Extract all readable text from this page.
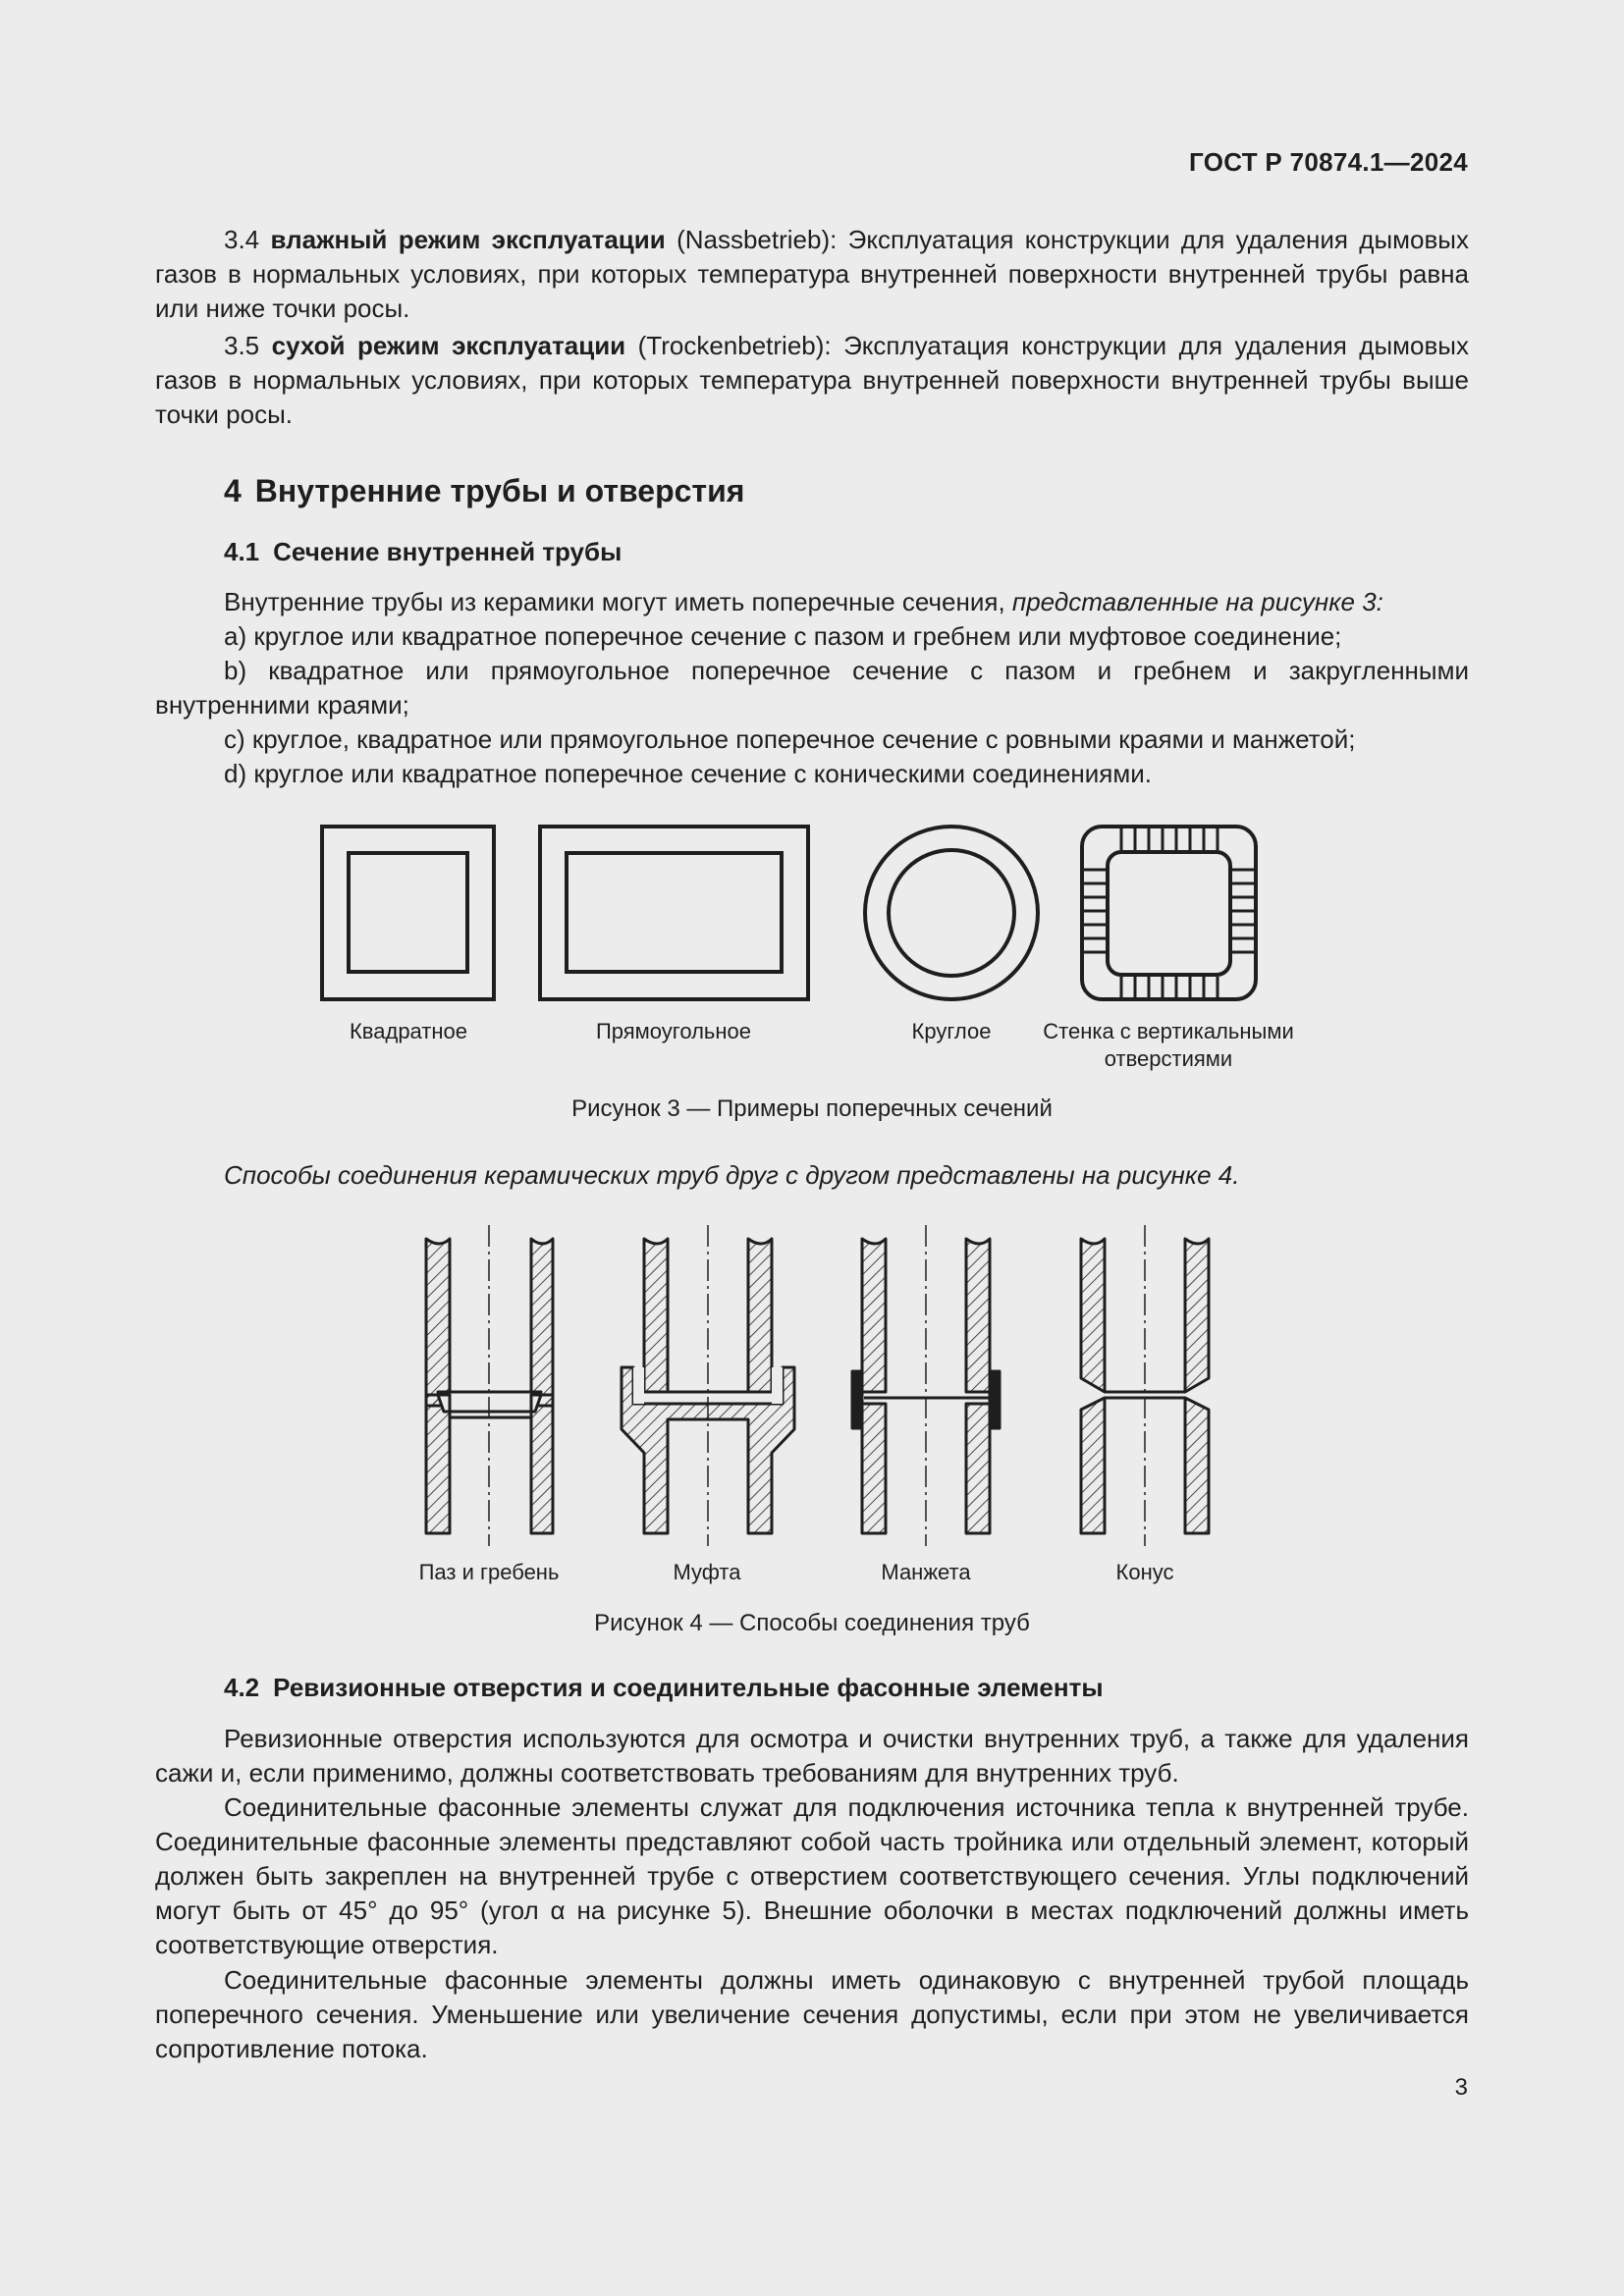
ГОСТ Р 70874.1—2024
3.4 влажный режим эксплуатации (Nassbetrieb): Эксплуатация конструкции для удаления дымовых газов в нормальных условиях, при которых температура внутренней поверхности внутренней трубы равна или ниже точки росы.
3.5 сухой режим эксплуатации (Trockenbetrieb): Эксплуатация конструкции для удаления дымовых газов в нормальных условиях, при которых температура внутренней поверхности внутренней трубы выше точки росы.
4 Внутренние трубы и отверстия
4.1 Сечение внутренней трубы
Внутренние трубы из керамики могут иметь поперечные сечения, представленные на рисунке 3:
a) круглое или квадратное поперечное сечение с пазом и гребнем или муфтовое соединение;
b) квадратное или прямоугольное поперечное сечение с пазом и гребнем и закругленными внутренними краями;
c) круглое, квадратное или прямоугольное поперечное сечение с ровными краями и манжетой;
d) круглое или квадратное поперечное сечение с коническими соединениями.
Квадратное	Прямоугольное	Круглое	Стенка с вертикальными отверстиями
Рисунок 3 — Примеры поперечных сечений
Способы соединения керамических труб друг с другом представлены на рисунке 4.
Паз и гребень	Муфта	Манжета	Конус
Рисунок 4 — Способы соединения труб
4.2 Ревизионные отверстия и соединительные фасонные элементы
Ревизионные отверстия используются для осмотра и очистки внутренних труб, а также для удаления сажи и, если применимо, должны соответствовать требованиям для внутренних труб.
Соединительные фасонные элементы служат для подключения источника тепла к внутренней трубе. Соединительные фасонные элементы представляют собой часть тройника или отдельный элемент, который должен быть закреплен на внутренней трубе с отверстием соответствующего сечения. Углы подключений могут быть от 45° до 95° (угол α на рисунке 5). Внешние оболочки в местах подключений должны иметь соответствующие отверстия.
Соединительные фасонные элементы должны иметь одинаковую с внутренней трубой площадь поперечного сечения. Уменьшение или увеличение сечения допустимы, если при этом не увеличивается сопротивление потока.
3
